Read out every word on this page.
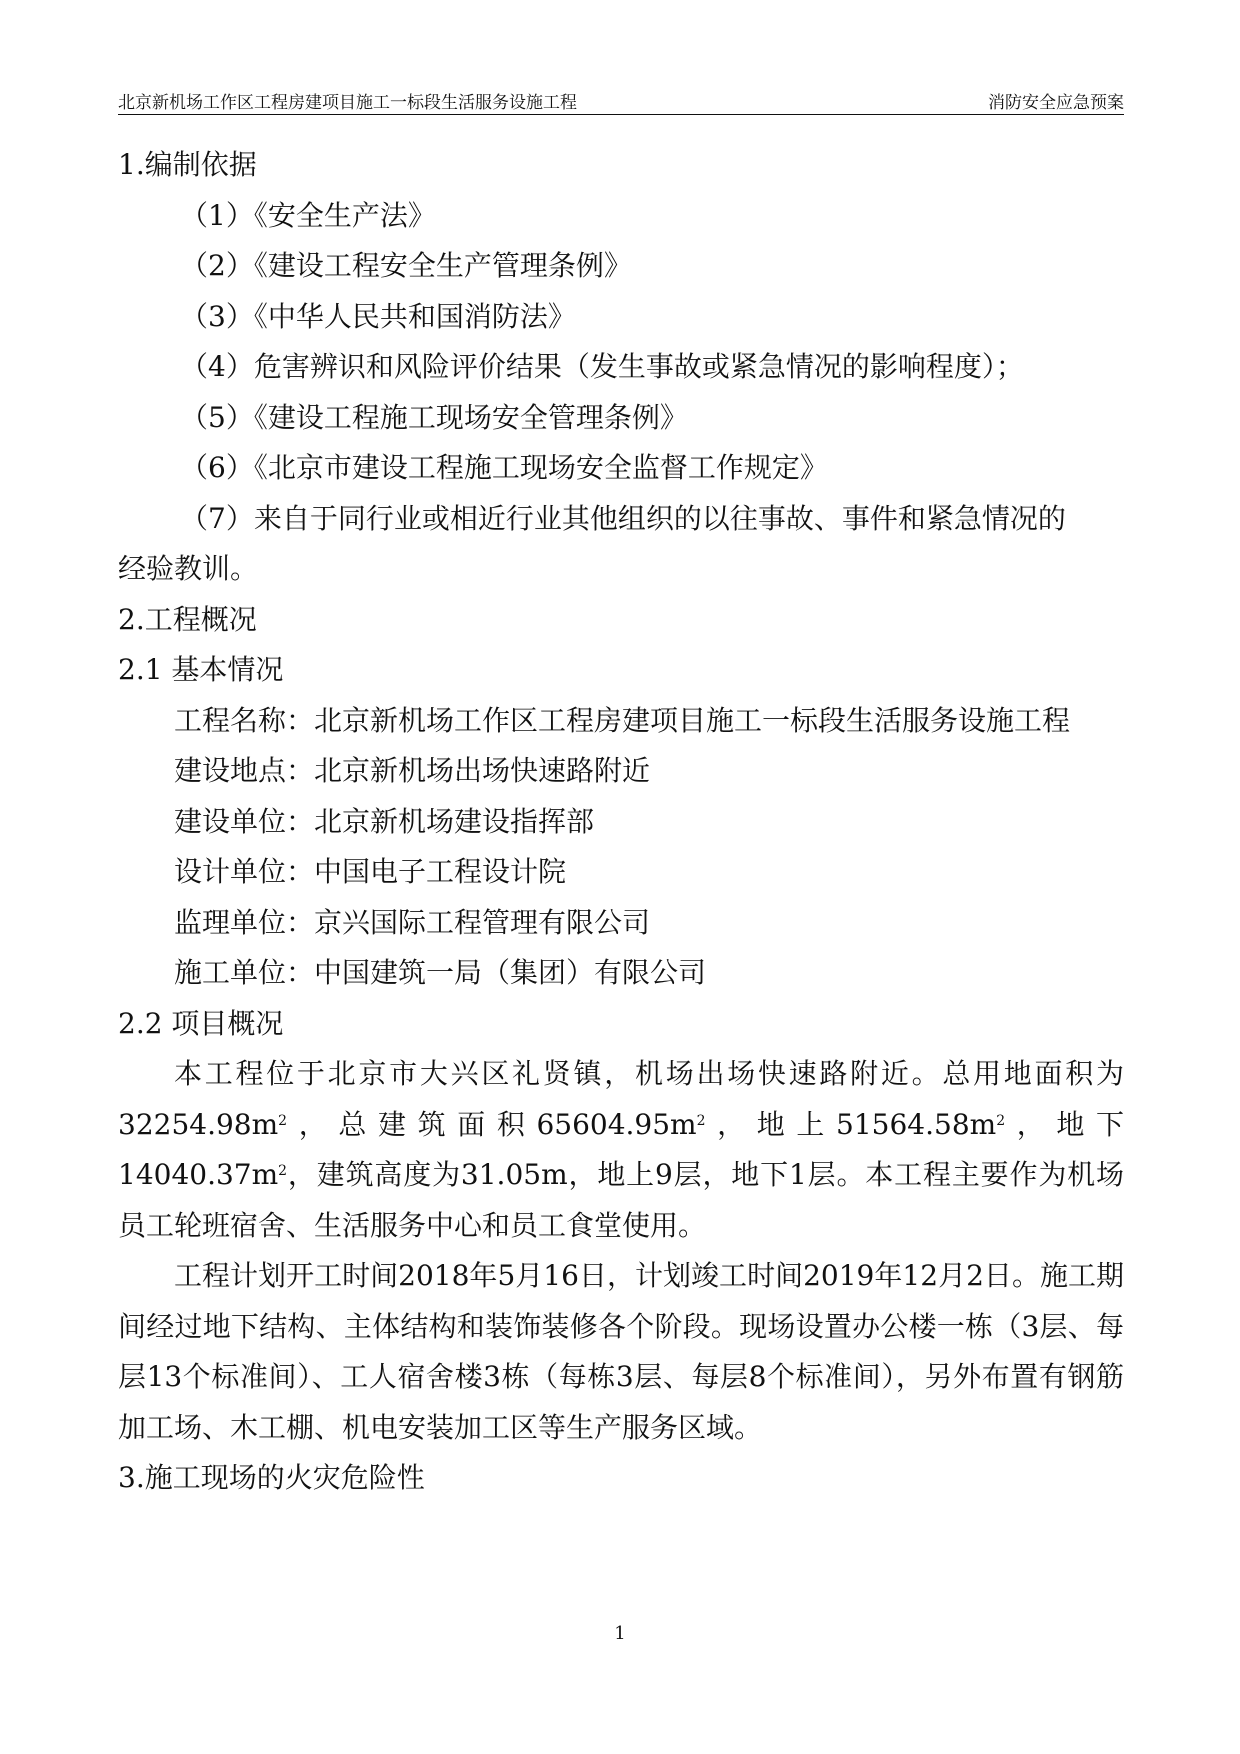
北京新机场工作区工程房建项目施工一标段生活服务设施工程	消防安全应急预案
1.编制依据
（1）《安全生产法》
（2）《建设工程安全生产管理条例》
（3）《中华人民共和国消防法》
（4）危害辨识和风险评价结果（发生事故或紧急情况的影响程度）；
（5）《建设工程施工现场安全管理条例》
（6）《北京市建设工程施工现场安全监督工作规定》
（7）来自于同行业或相近行业其他组织的以往事故、事件和紧急情况的
经验教训。
2.工程概况
2.1 基本情况
工程名称：北京新机场工作区工程房建项目施工一标段生活服务设施工程
建设地点：北京新机场出场快速路附近
建设单位：北京新机场建设指挥部
设计单位：中国电子工程设计院
监理单位：京兴国际工程管理有限公司
施工单位：中国建筑一局（集团）有限公司
2.2 项目概况

本工程位于北京市大兴区礼贤镇，机场出场快速路附近。总用地面积为$32254.98m^2$，总建筑面积$65604.95m^2$，地上$51564.58m^2$，地下$14040.37m^2$，建筑高度为31.05m，地上9层，地下1层。本工程主要作为机场员工轮班宿舍、生活服务中心和员工食堂使用。

工程计划开工时间2018年5月16日，计划竣工时间2019年12月2日。施工期间经过地下结构、主体结构和装饰装修各个阶段。现场设置办公楼一栋（3层、每层13个标准间）、工人宿舍楼3栋（每栋3层、每层8个标准间），另外布置有钢筋加工场、木工棚、机电安装加工区等生产服务区域。

3.施工现场的火灾危险性
1
